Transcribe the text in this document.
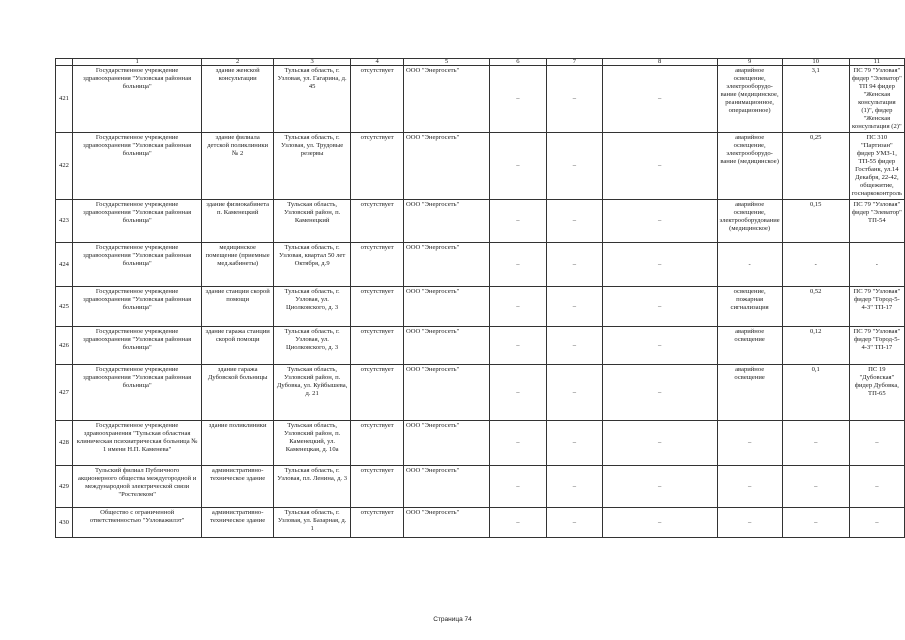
	1	2	3	4	5	6	7	8	9	10	11
421	Государственное учреждение здравоохранения "Узловская районная больница"	здание женской консультации	Тульская область, г. Узловая, ул. Гагарина, д. 45	отсутствует	ООО "Энергосеть"	–	–	–	аварийное освещение, электрооборудо-вание (медицинское, реанимационное, операционное)	3,1	ПС 79 "Узловая" фидер "Элеватор" ТП 94 фидер "Женская консультация (1)", фидер "Женская консультация (2)"
422	Государственное учреждение здравоохранения "Узловская районная больница"	здание филиала детской поликлиники № 2	Тульская область, г. Узловая, ул. Трудовые резервы	отсутствует	ООО "Энергосеть"	–	–	–	аварийное освещение, электрооборудо-вание (медицинское)	0,25	ПС 310 "Партизан" фидер УМЗ-1, ТП-55 фидер Гостбанк, ул.14 Декабря, 22-42, общежитие, госнаркоконтроль
423	Государственное учреждение здравоохранения "Узловская районная больница"	здание физиокабинета п. Каменецкий	Тульская область, Узловский район, п. Каменецкий	отсутствует	ООО "Энергосеть"	–	–	–	аварийное освещение, электрооборудование (медицинское)	0,15	ПС 79 "Узловая" фидер "Элеватор" ТП-54
424	Государственное учреждение здравоохранения "Узловская районная больница"	медицинское помещение (приемные мед.кабинеты)	Тульская область, г. Узловая, квартал 50 лет Октября, д.9	отсутствует	ООО "Энергосеть"	–	–	–	-	-	-
425	Государственное учреждение здравоохранения "Узловская районная больница"	здание станции скорой помощи	Тульская область, г. Узловая, ул. Циолковского, д. 3	отсутствует	ООО "Энергосеть"	–	–	–	освещение, пожарная сигнализация	0,52	ПС 79 "Узловая" фидер "Город-5-4-3" ТП-17
426	Государственное учреждение здравоохранения "Узловская районная больница"	здание гаража станции скорой помощи	Тульская область, г. Узловая, ул. Циолковского, д. 3	отсутствует	ООО "Энергосеть"	–	–	–	аварийное освещение	0,12	ПС 79 "Узловая" фидер "Город-5-4-3" ТП-17
427	Государственное учреждение здравоохранения "Узловская районная больница"	здание гаража Дубовской больницы	Тульская область, Узловский район, п. Дубовка, ул. Куйбышева, д. 21	отсутствует	ООО "Энергосеть"	–	–	–	аварийное освещение	0,1	ПС 19 "Дубовская" фидер Дубовка, ТП-65
428	Государственное учреждение здравоохранения "Тульская областная клиническая психиатрическая больница № 1 имени Н.П. Каменева"	здание поликлиники	Тульская область, Узловский район, п. Каменецкий, ул. Каменецкая, д. 10а	отсутствует	ООО "Энергосеть"	–	–	–	–	–	–
429	Тульский филиал Публичного акционерного общества междугородной и международной электрической связи "Ростелеком"	административно-техническое здание	Тульская область, г. Узловая, пл. Ленина, д. 3	отсутствует	ООО "Энергосеть"	–	–	–	–	–	–
430	Общество с ограниченной ответственностью "Узловажилэт"	административно-техническое здание	Тульская область, г. Узловая, ул. Базарная, д. 1	отсутствует	ООО "Энергосеть"	–	–	–	–	–	–
Страница 74
